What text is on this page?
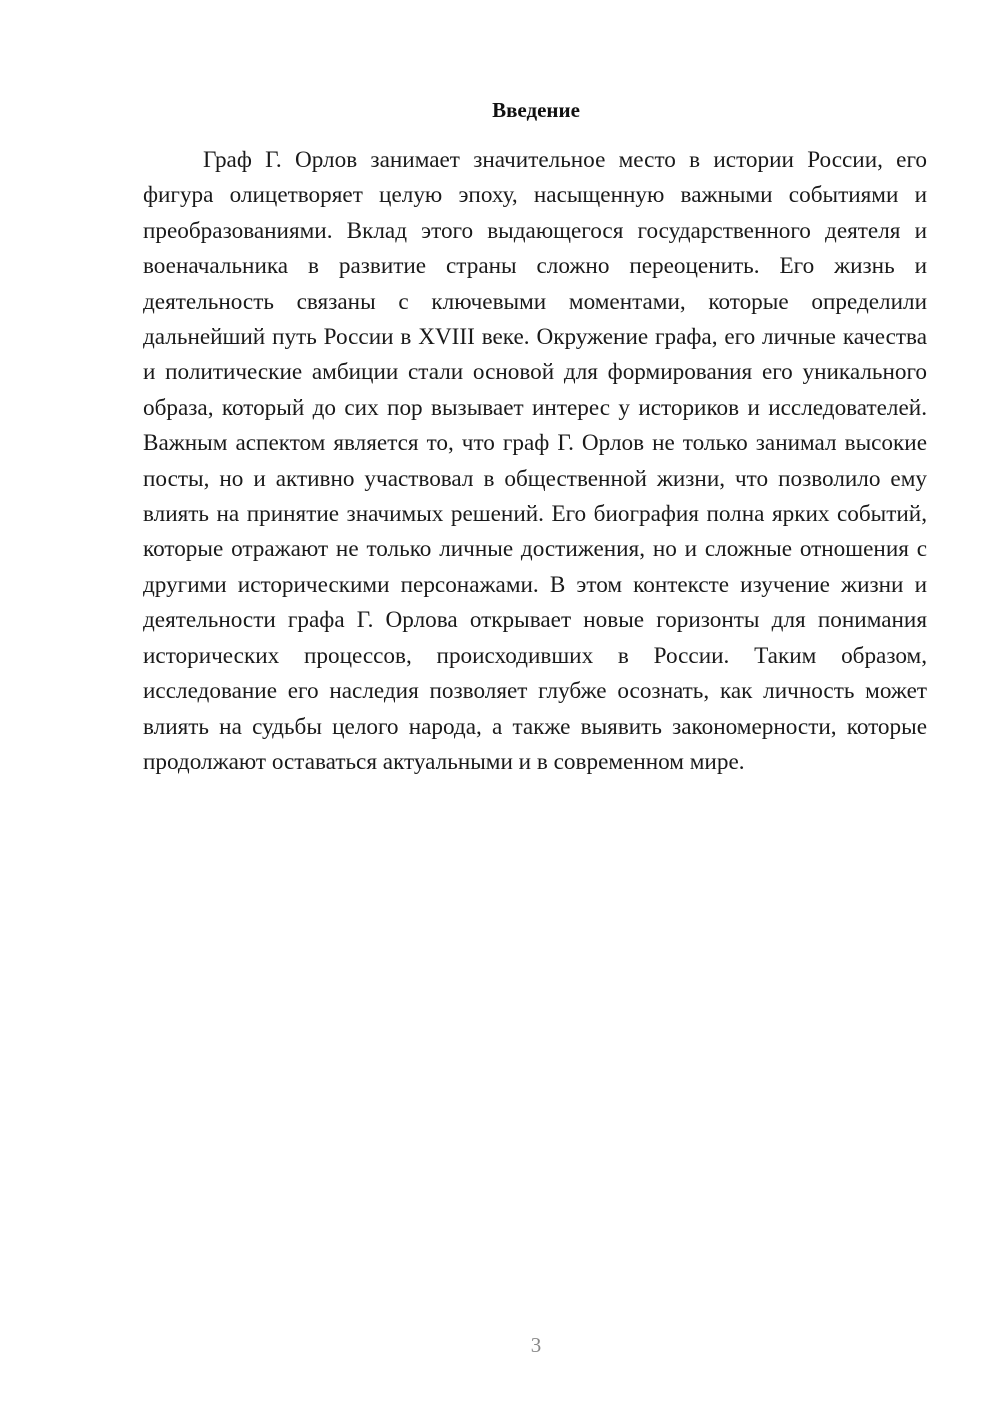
Введение

Граф Г. Орлов занимает значительное место в истории России, его фигура олицетворяет целую эпоху, насыщенную важными событиями и преобразованиями. Вклад этого выдающегося государственного деятеля и военачальника в развитие страны сложно переоценить. Его жизнь и деятельность связаны с ключевыми моментами, которые определили дальнейший путь России в XVIII веке. Окружение графа, его личные качества и политические амбиции стали основой для формирования его уникального образа, который до сих пор вызывает интерес у историков и исследователей. Важным аспектом является то, что граф Г. Орлов не только занимал высокие посты, но и активно участвовал в общественной жизни, что позволило ему влиять на принятие значимых решений. Его биография полна ярких событий, которые отражают не только личные достижения, но и сложные отношения с другими историческими персонажами. В этом контексте изучение жизни и деятельности графа Г. Орлова открывает новые горизонты для понимания исторических процессов, происходивших в России. Таким образом, исследование его наследия позволяет глубже осознать, как личность может влиять на судьбы целого народа, а также выявить закономерности, которые продолжают оставаться актуальными и в современном мире.

3
